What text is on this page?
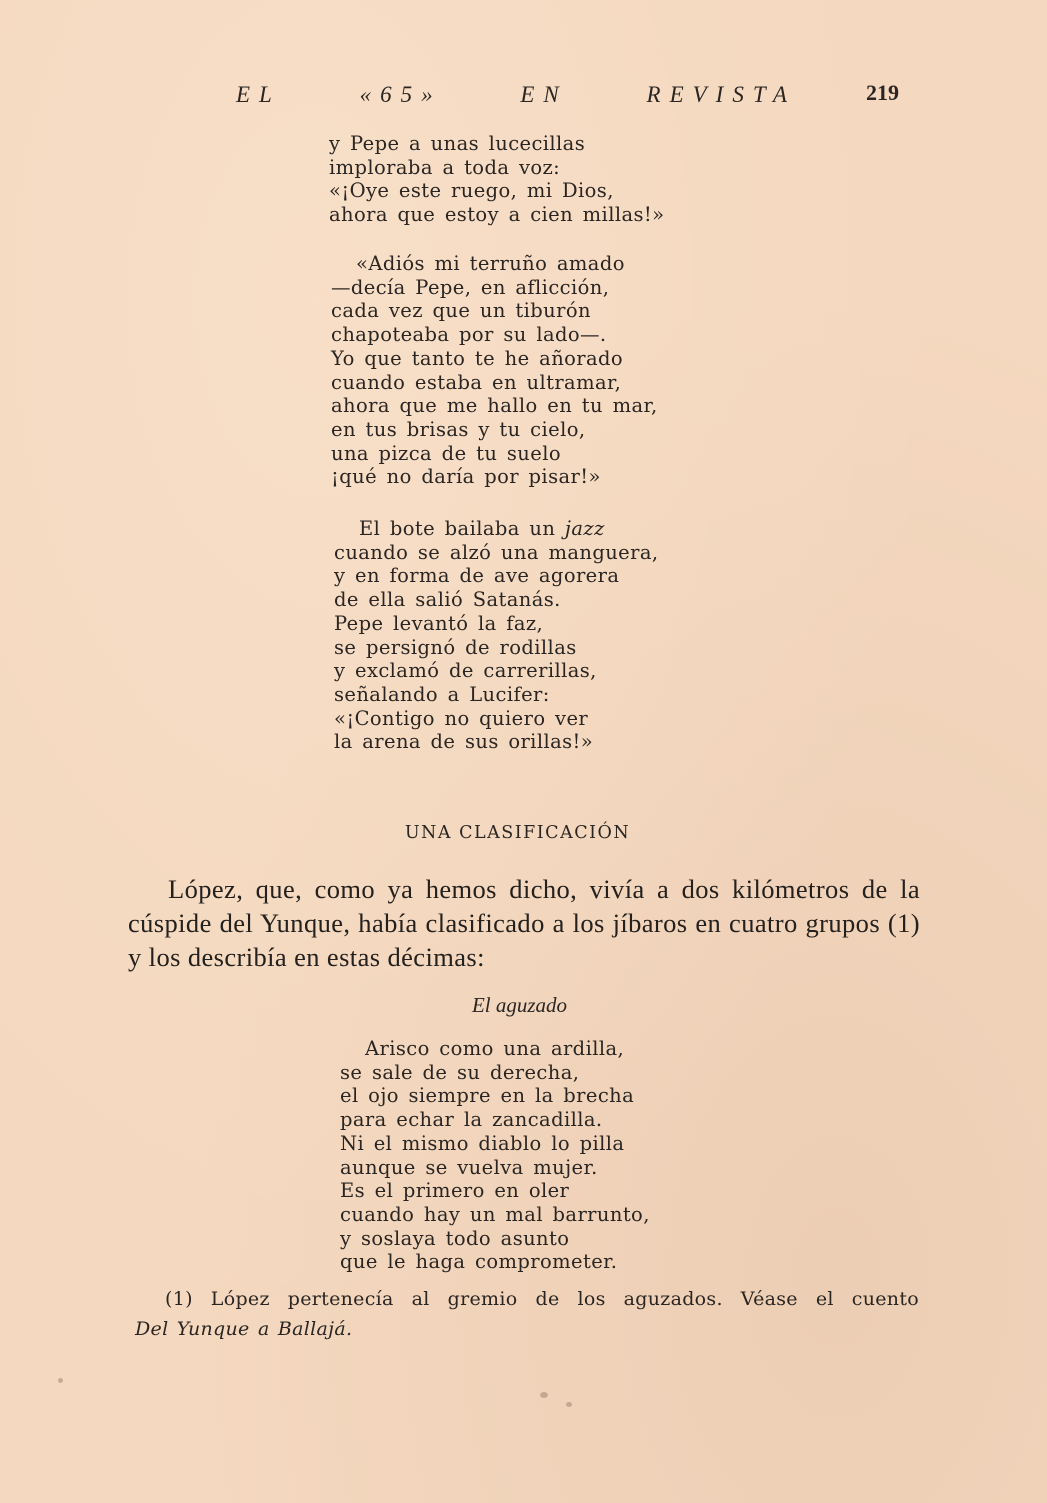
EL	«65»	EN	REVISTA	219
y Pepe a unas lucecillas
imploraba a toda voz:
«¡Oye este ruego, mi Dios,
ahora que estoy a cien millas!»
«Adiós mi terruño amado
—decía Pepe, en aflicción,
cada vez que un tiburón
chapoteaba por su lado—.
Yo que tanto te he añorado
cuando estaba en ultramar,
ahora que me hallo en tu mar,
en tus brisas y tu cielo,
una pizca de tu suelo
¡qué no daría por pisar!»
El bote bailaba un jazz
cuando se alzó una manguera,
y en forma de ave agorera
de ella salió Satanás.
Pepe levantó la faz,
se persignó de rodillas
y exclamó de carrerillas,
señalando a Lucifer:
«¡Contigo no quiero ver
la arena de sus orillas!»
UNA CLASIFICACIÓN

López, que, como ya hemos dicho, vivía a dos kilómetros de la cúspide del Yunque, había clasificado a los jíbaros en cuatro grupos (1) y los describía en estas décimas:

El aguzado
Arisco como una ardilla,
se sale de su derecha,
el ojo siempre en la brecha
para echar la zancadilla.
Ni el mismo diablo lo pilla
aunque se vuelva mujer.
Es el primero en oler
cuando hay un mal barrunto,
y soslaya todo asunto
que le haga comprometer.
(1) López pertenecía al gremio de los aguzados. Véase el cuento
Del Yunque a Ballajá.
